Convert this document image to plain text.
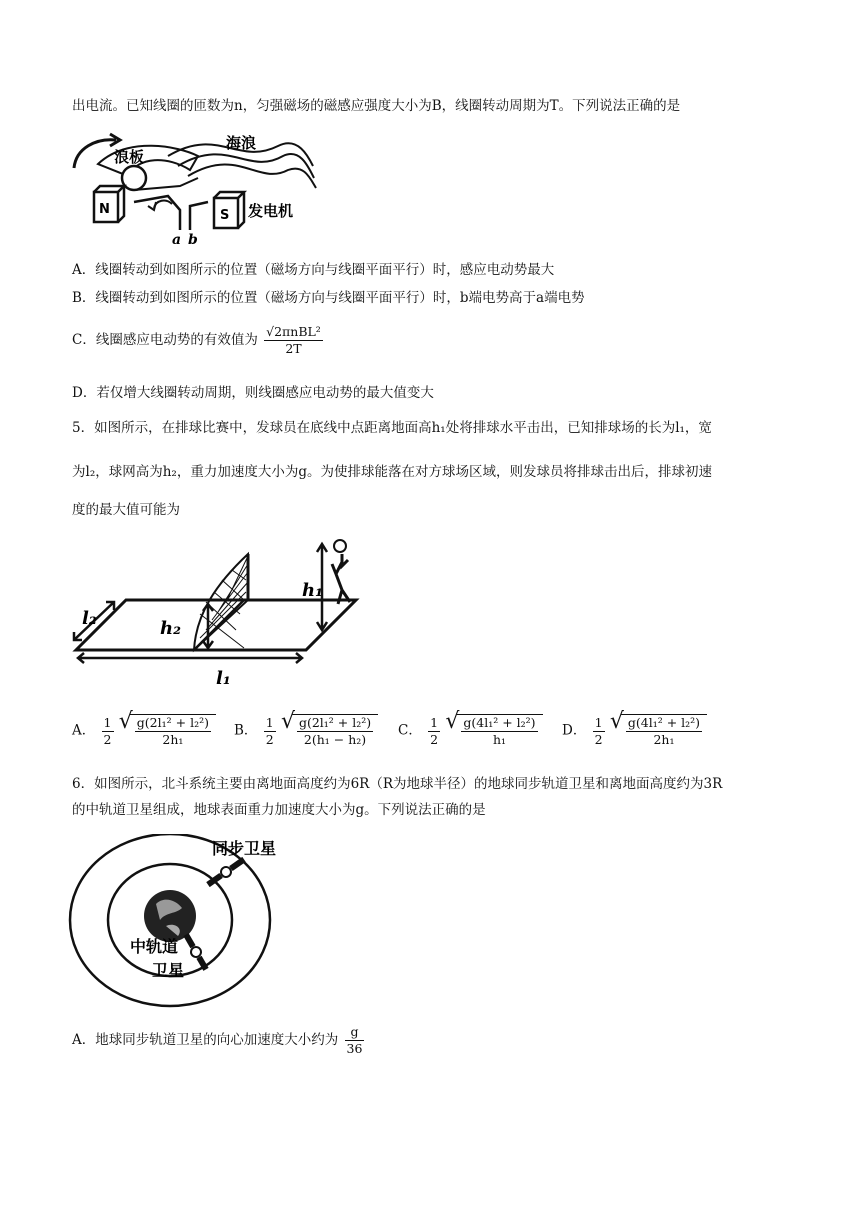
出电流。已知线圈的匝数为n，匀强磁场的磁感应强度大小为B，线圈转动周期为T。下列说法正确的是
海浪
浪板
发电机
N	S
a b
A．线圈转动到如图所示的位置（磁场方向与线圈平面平行）时，感应电动势最大
B．线圈转动到如图所示的位置（磁场方向与线圈平面平行）时，b端电势高于a端电势
C．线圈感应电动势的有效值为 $\frac{\text{√2πnBL²}}{2T}$
D．若仅增大线圈转动周期，则线圈感应电动势的最大值变大
5．如图所示，在排球比赛中，发球员在底线中点距离地面高h₁处将排球水平击出，已知排球场的长为l₁，宽
为l₂，球网高为h₂，重力加速度大小为g。为使排球能落在对方球场区域，则发球员将排球击出后，排球初速
度的最大值可能为
l₁
l₂
h₁
h₂
A． $\frac{1}{2}$
√ $\frac{\text{g(2l₁² + l₂²)}}{\text{2h₁}}$ B． $\frac{1}{2}$
√ $\frac{\text{g(2l₁² + l₂²)}}{\text{2(h₁ − h₂)}}$ C． $\frac{1}{2}$
√ $\frac{\text{g(4l₁² + l₂²)}}{\text{h₁}}$ D． $\frac{1}{2}$
√ $\frac{\text{g(4l₁² + l₂²)}}{\text{2h₁}}$
6．如图所示，北斗系统主要由离地面高度约为6R（R为地球半径）的地球同步轨道卫星和离地面高度约为3R
的中轨道卫星组成，地球表面重力加速度大小为g。下列说法正确的是
同步卫星
中轨道
卫星
A．地球同步轨道卫星的向心加速度大小约为 $\frac{g}{36}$
